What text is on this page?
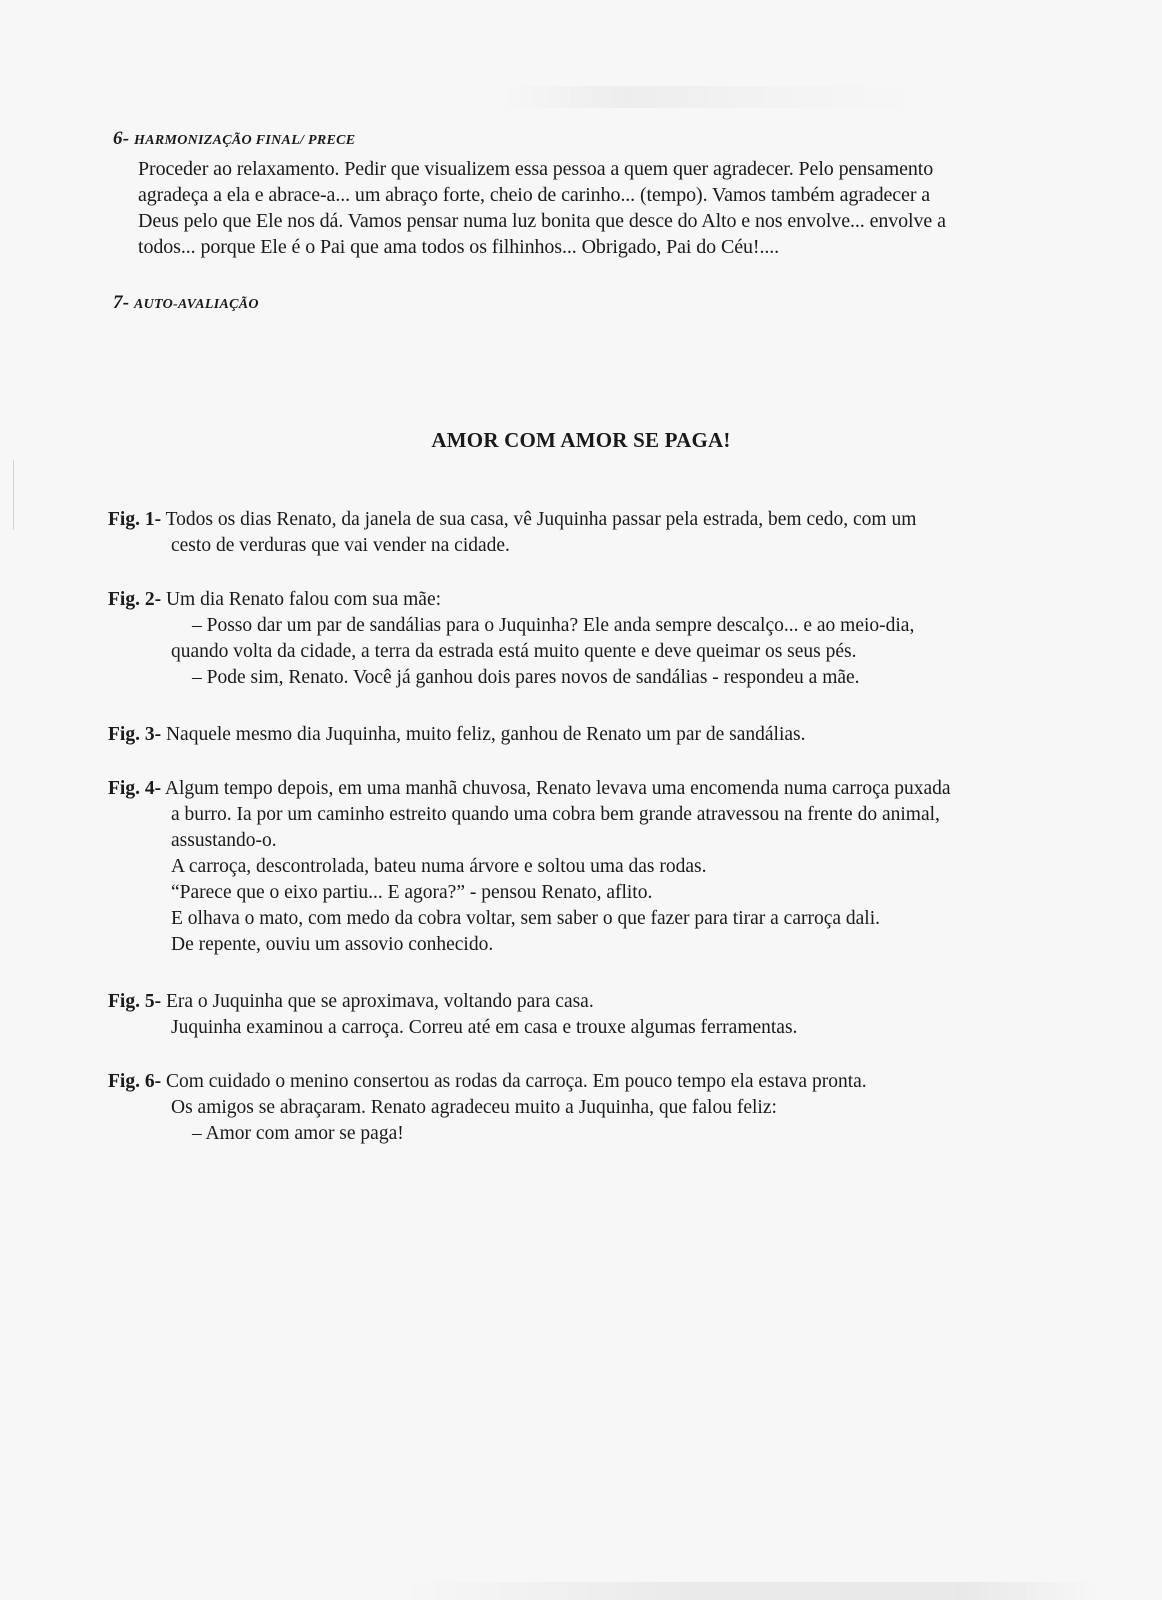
6- HARMONIZAÇÃO FINAL/ PRECE
Proceder ao relaxamento. Pedir que visualizem essa pessoa a quem quer agradecer. Pelo pensamento
agradeça a ela e abrace-a... um abraço forte, cheio de carinho... (tempo). Vamos também agradecer a
Deus pelo que Ele nos dá. Vamos pensar numa luz bonita que desce do Alto e nos envolve... envolve a
todos... porque Ele é o Pai que ama todos os filhinhos... Obrigado, Pai do Céu!....
7- AUTO-AVALIAÇÃO
AMOR COM AMOR SE PAGA!
Fig. 1- Todos os dias Renato, da janela de sua casa, vê Juquinha passar pela estrada, bem cedo, com um
cesto de verduras que vai vender na cidade.
Fig. 2- Um dia Renato falou com sua mãe:
– Posso dar um par de sandálias para o Juquinha? Ele anda sempre descalço... e ao meio-dia,
quando volta da cidade, a terra da estrada está muito quente e deve queimar os seus pés.
– Pode sim, Renato. Você já ganhou dois pares novos de sandálias - respondeu a mãe.
Fig. 3- Naquele mesmo dia Juquinha, muito feliz, ganhou de Renato um par de sandálias.
Fig. 4- Algum tempo depois, em uma manhã chuvosa, Renato levava uma encomenda numa carroça puxada
a burro. Ia por um caminho estreito quando uma cobra bem grande atravessou na frente do animal,
assustando-o.
A carroça, descontrolada, bateu numa árvore e soltou uma das rodas.
“Parece que o eixo partiu... E agora?” - pensou Renato, aflito.
E olhava o mato, com medo da cobra voltar, sem saber o que fazer para tirar a carroça dali.
De repente, ouviu um assovio conhecido.
Fig. 5- Era o Juquinha que se aproximava, voltando para casa.
Juquinha examinou a carroça. Correu até em casa e trouxe algumas ferramentas.
Fig. 6- Com cuidado o menino consertou as rodas da carroça. Em pouco tempo ela estava pronta.
Os amigos se abraçaram. Renato agradeceu muito a Juquinha, que falou feliz:
– Amor com amor se paga!
